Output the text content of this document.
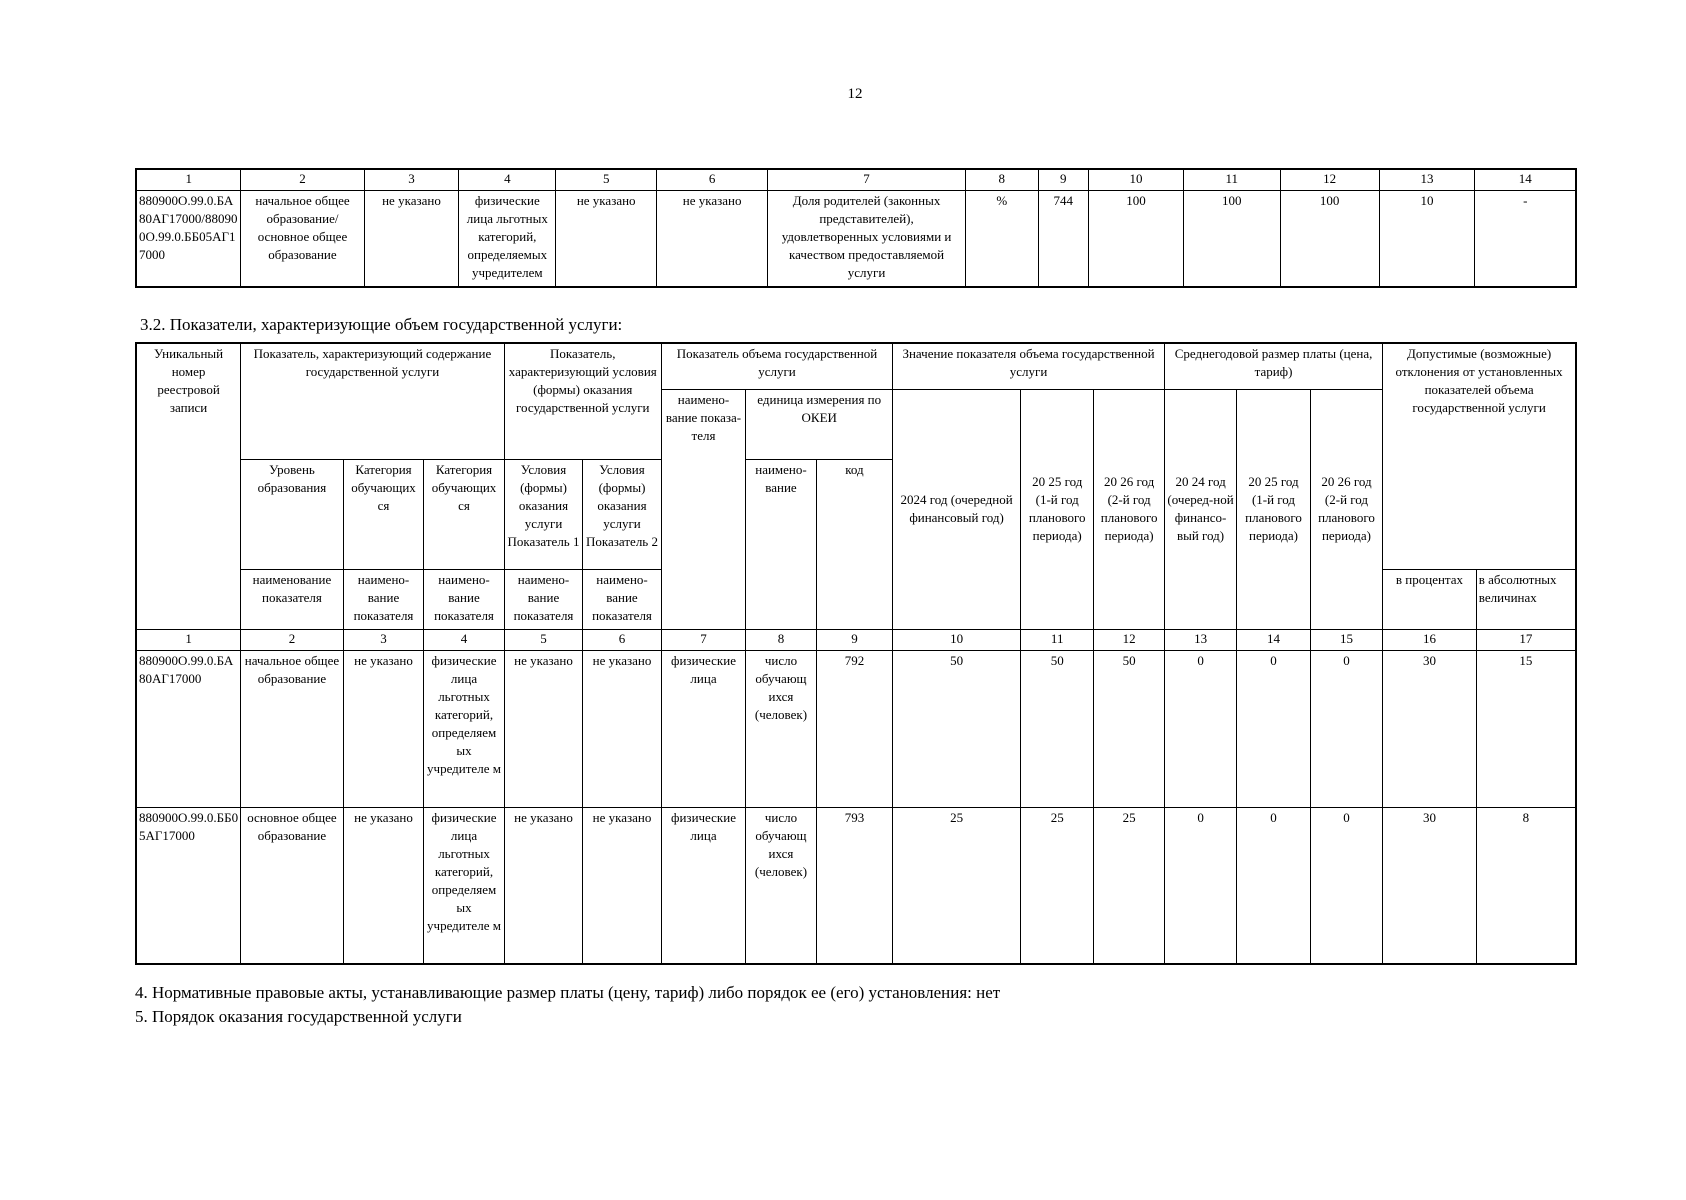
12
1	2	3	4	5	6	7	8	9	10	11	12	13	14
880900О.99.0.БА80АГ17000/880900О.99.0.ББ05АГ17000	начальное общее образование/ основное общее образование	не указано	физические лица льготных категорий, определяемых учредителем	не указано	не указано	Доля родителей (законных представителей), удовлетворенных условиями и качеством предоставляемой услуги	%	744	100	100	100	10	-
3.2. Показатели, характеризующие объем государственной услуги:
Уникальный номер реестровой записи	Показатель, характеризующий содержание государственной услуги			Показатель, характеризующий условия (формы) оказания государственной услуги		Показатель объема государственной услуги			Значение показателя объема государственной услуги			Среднегодовой размер платы (цена, тариф)			Допустимые (возможные) отклонения от установленных показателей объема государственной услуги	
						наимено-вание показа-теля	единица измерения по ОКЕИ		2024 год (очередной финансовый год)	20 25 год (1-й год планового периода)	20 26 год (2-й год планового периода)	20 24 год (очеред-ной финансо-вый год)	20 25 год (1-й год планового периода)	20 26 год (2-й год планового периода)		
	Уровень образования	Категория обучающих ся	Категория обучающих ся	Условия (формы) оказания услуги Показатель 1	Условия (формы) оказания услуги Показатель 2		наимено-вание	код								
	наименование показателя	наимено-вание показателя	наимено-вание показателя	наимено-вание показателя	наимено-вание показателя										в процентах	в абсолютных величинах
1	2	3	4	5	6	7	8	9	10	11	12	13	14	15	16	17
880900О.99.0.БА80АГ17000	начальное общее образование	не указано	физические лица льготных категорий, определяем ых учредителе м	не указано	не указано	физические лица	число обучающ ихся (человек)	792	50	50	50	0	0	0	30	15
880900О.99.0.ББ05АГ17000	основное общее образование	не указано	физические лица льготных категорий, определяем ых учредителе м	не указано	не указано	физические лица	число обучающ ихся (человек)	793	25	25	25	0	0	0	30	8
4. Нормативные правовые акты, устанавливающие размер платы (цену, тариф) либо порядок ее (его) установления: нет
5. Порядок оказания государственной услуги
